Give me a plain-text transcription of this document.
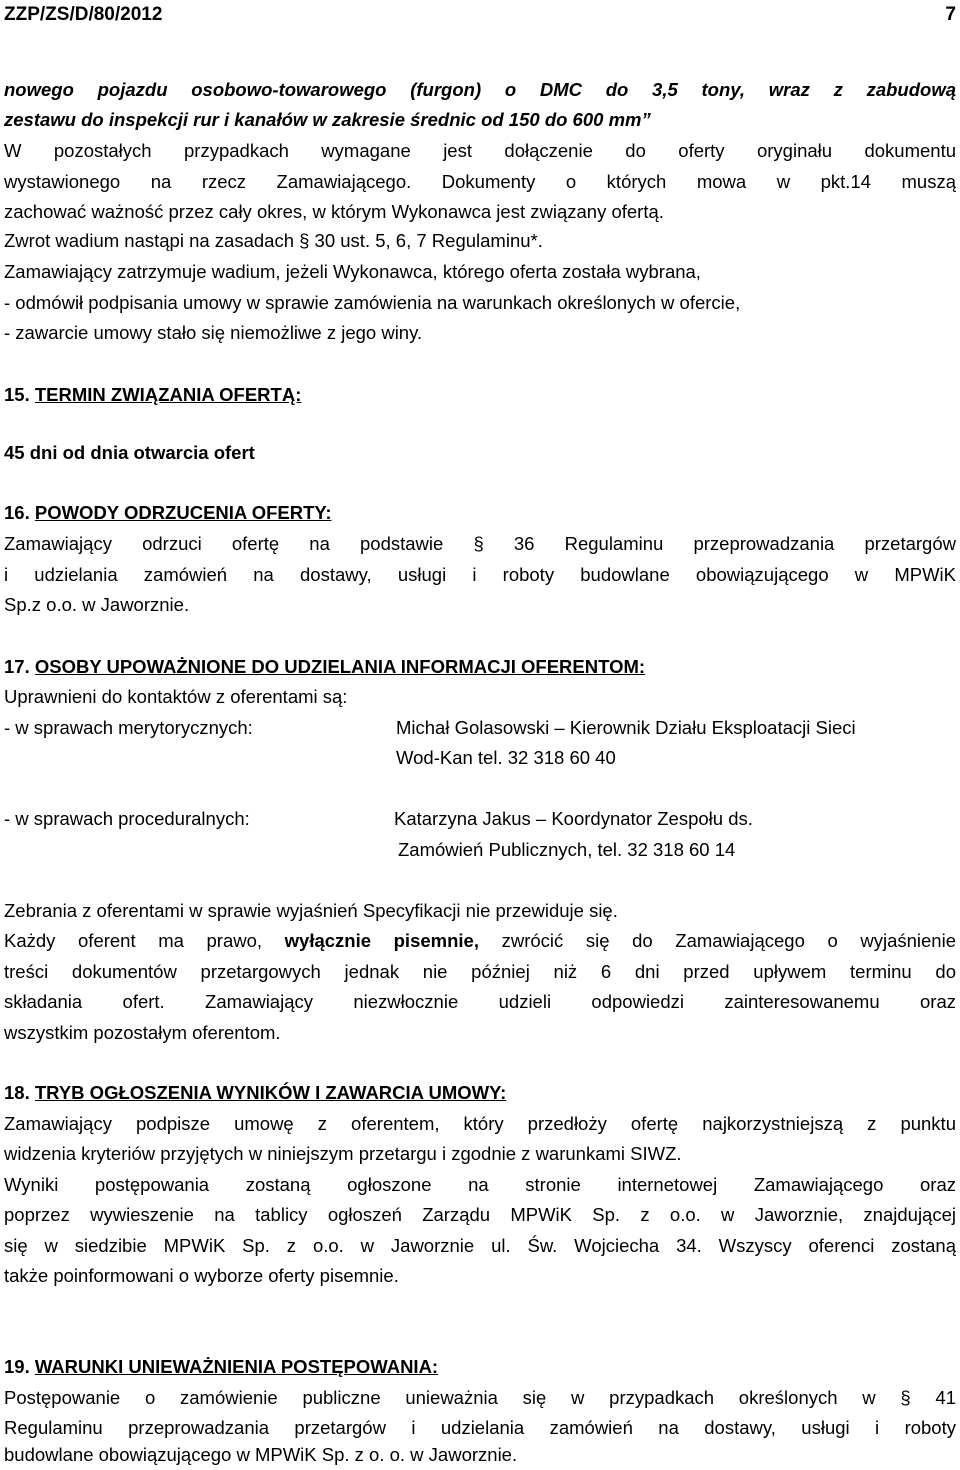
ZZP/ZS/D/80/2012	7
nowego pojazdu osobowo-towarowego (furgon) o DMC do 3,5 tony, wraz z zabudową
zestawu do inspekcji rur i kanałów w zakresie średnic od 150 do 600 mm”
W pozostałych przypadkach wymagane jest dołączenie do oferty oryginału dokumentu
wystawionego na rzecz Zamawiającego. Dokumenty o których mowa w pkt.14 muszą
zachować ważność przez cały okres, w którym Wykonawca jest związany ofertą.
Zwrot wadium nastąpi na zasadach § 30 ust. 5, 6, 7 Regulaminu*.
Zamawiający zatrzymuje wadium, jeżeli Wykonawca, którego oferta została wybrana,
- odmówił podpisania umowy w sprawie zamówienia na warunkach określonych w ofercie,
- zawarcie umowy stało się niemożliwe z jego winy.
15. TERMIN ZWIĄZANIA OFERTĄ:
45 dni od dnia otwarcia ofert
16. POWODY ODRZUCENIA OFERTY:
Zamawiający odrzuci ofertę na podstawie § 36 Regulaminu przeprowadzania przetargów
i udzielania zamówień na dostawy, usługi i roboty budowlane obowiązującego w MPWiK
Sp.z o.o. w Jaworznie.
17. OSOBY UPOWAŻNIONE DO UDZIELANIA INFORMACJI OFERENTOM:
Uprawnieni do kontaktów z oferentami są:
- w sprawach merytorycznych:	Michał Golasowski – Kierownik Działu Eksploatacji Sieci
Wod-Kan tel. 32 318 60 40
- w sprawach proceduralnych:	Katarzyna Jakus – Koordynator Zespołu ds.
Zamówień Publicznych, tel. 32 318 60 14
Zebrania z oferentami w sprawie wyjaśnień Specyfikacji nie przewiduje się.
Każdy oferent ma prawo, wyłącznie pisemnie, zwrócić się do Zamawiającego o wyjaśnienie
treści dokumentów przetargowych jednak nie później niż 6 dni przed upływem terminu do
składania ofert. Zamawiający niezwłocznie udzieli odpowiedzi zainteresowanemu oraz
wszystkim pozostałym oferentom.
18. TRYB OGŁOSZENIA WYNIKÓW I ZAWARCIA UMOWY:
Zamawiający podpisze umowę z oferentem, który przedłoży ofertę najkorzystniejszą z punktu
widzenia kryteriów przyjętych w niniejszym przetargu i zgodnie z warunkami SIWZ.
Wyniki postępowania zostaną ogłoszone na stronie internetowej Zamawiającego oraz
poprzez wywieszenie na tablicy ogłoszeń Zarządu MPWiK Sp. z o.o. w Jaworznie, znajdującej
się w siedzibie MPWiK Sp. z o.o. w Jaworznie ul. Św. Wojciecha 34. Wszyscy oferenci zostaną
także poinformowani o wyborze oferty pisemnie.
19. WARUNKI UNIEWAŻNIENIA POSTĘPOWANIA:
Postępowanie o zamówienie publiczne unieważnia się w przypadkach określonych w § 41
Regulaminu przeprowadzania przetargów i udzielania zamówień na dostawy, usługi i roboty
budowlane obowiązującego w MPWiK Sp. z o. o. w Jaworznie.
